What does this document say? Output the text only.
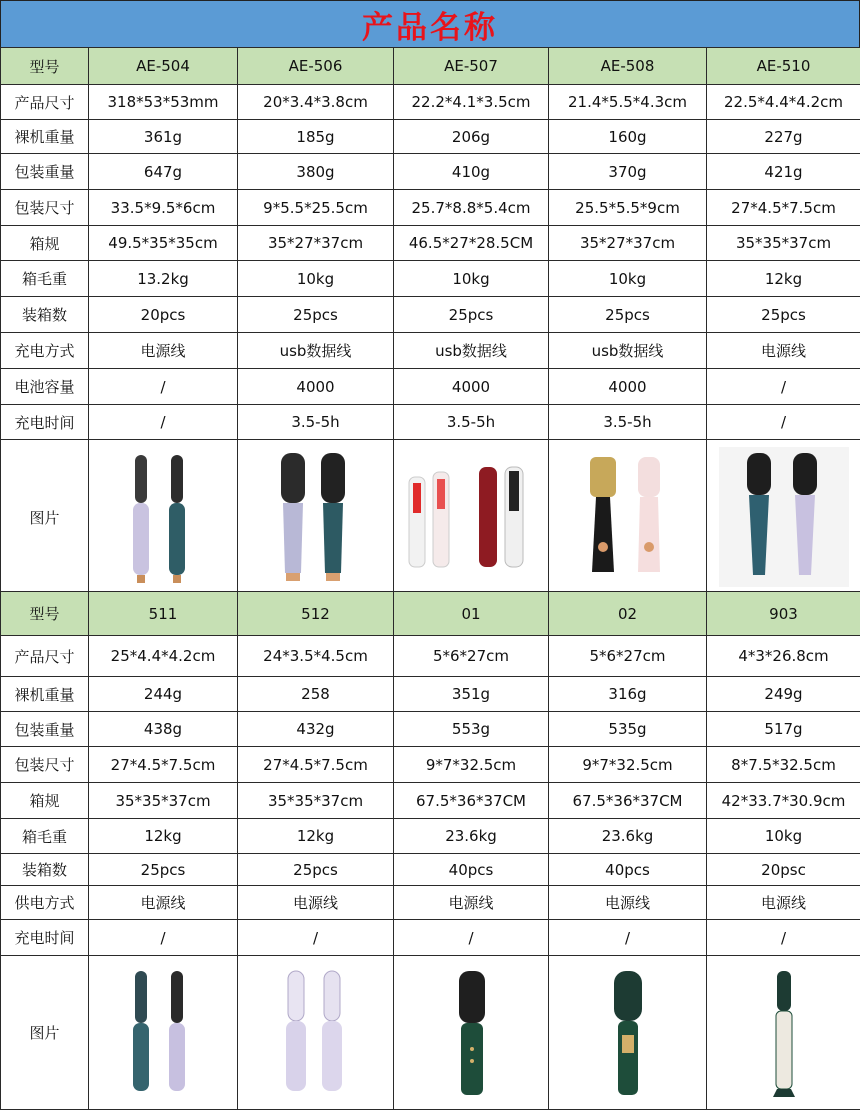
产品名称
型号	AE-504	AE-506	AE-507	AE-508	AE-510
产品尺寸	318*53*53mm	20*3.4*3.8cm	22.2*4.1*3.5cm	21.4*5.5*4.3cm	22.5*4.4*4.2cm
裸机重量	361g	185g	206g	160g	227g
包装重量	647g	380g	410g	370g	421g
包装尺寸	33.5*9.5*6cm	9*5.5*25.5cm	25.7*8.8*5.4cm	25.5*5.5*9cm	27*4.5*7.5cm
箱规	49.5*35*35cm	35*27*37cm	46.5*27*28.5CM	35*27*37cm	35*35*37cm
箱毛重	13.2kg	10kg	10kg	10kg	12kg
装箱数	20pcs	25pcs	25pcs	25pcs	25pcs
充电方式	电源线	usb数据线	usb数据线	usb数据线	电源线
电池容量	/	4000	4000	4000	/
充电时间	/	3.5-5h	3.5-5h	3.5-5h	/
图片	

型号	511	512	01	02	903
产品尺寸	25*4.4*4.2cm	24*3.5*4.5cm	5*6*27cm	5*6*27cm	4*3*26.8cm
裸机重量	244g	258	351g	316g	249g
包装重量	438g	432g	553g	535g	517g
包装尺寸	27*4.5*7.5cm	27*4.5*7.5cm	9*7*32.5cm	9*7*32.5cm	8*7.5*32.5cm
箱规	35*35*37cm	35*35*37cm	67.5*36*37CM	67.5*36*37CM	42*33.7*30.9cm
箱毛重	12kg	12kg	23.6kg	23.6kg	10kg
装箱数	25pcs	25pcs	40pcs	40pcs	20psc
供电方式	电源线	电源线	电源线	电源线	电源线
充电时间	/	/	/	/	/
图片	
